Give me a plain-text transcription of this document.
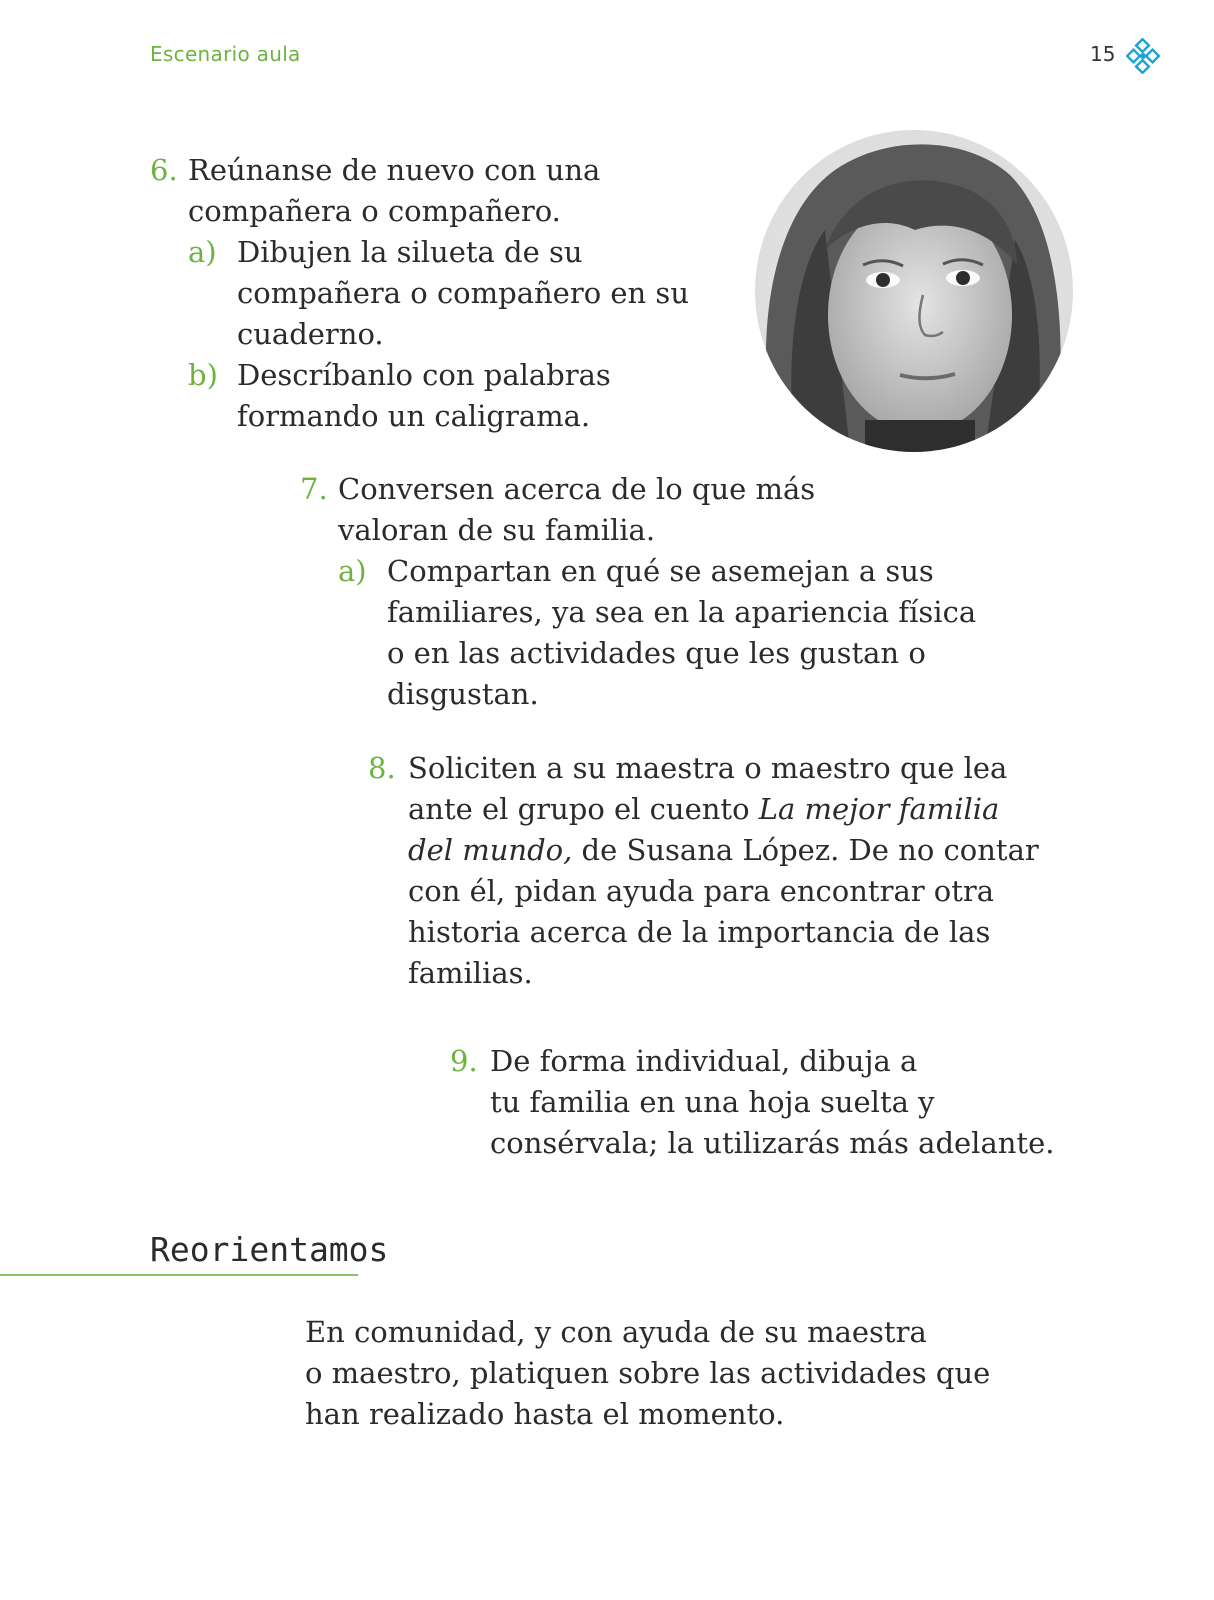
Escenario aula	15
6. Reúnanse de nuevo con una
compañera o compañero.
a) Dibujen la silueta de su
compañera o compañero en su
cuaderno.
b) Descríbanlo con palabras
formando un caligrama.
7. Conversen acerca de lo que más
valoran de su familia.
a) Compartan en qué se asemejan a sus
familiares, ya sea en la apariencia física
o en las actividades que les gustan o
disgustan.
8. Soliciten a su maestra o maestro que lea
ante el grupo el cuento La mejor familia
del mundo, de Susana López. De no contar
con él, pidan ayuda para encontrar otra
historia acerca de la importancia de las
familias.
9. De forma individual, dibuja a
tu familia en una hoja suelta y
consérvala; la utilizarás más adelante.
Reorientamos
En comunidad, y con ayuda de su maestra
o maestro, platiquen sobre las actividades que
han realizado hasta el momento.
